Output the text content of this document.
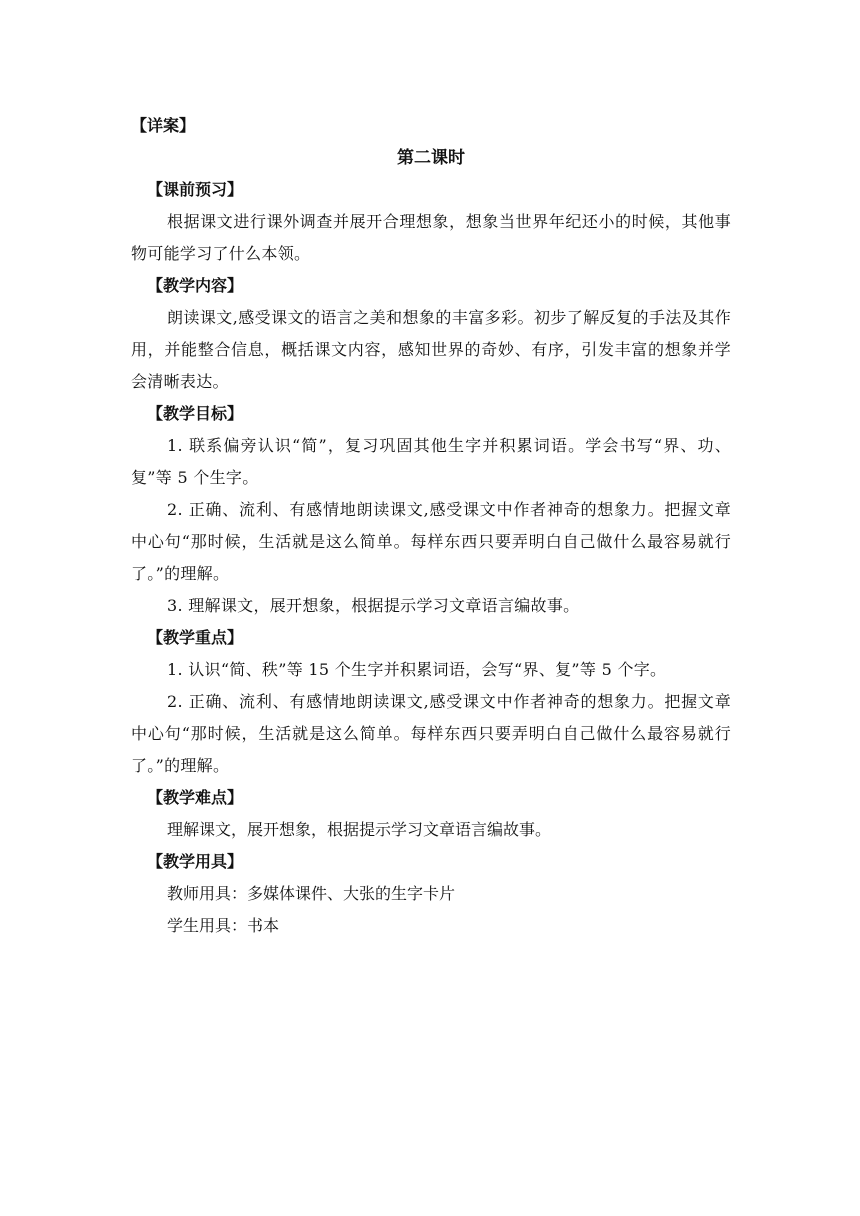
【详案】
第二课时
【课前预习】
根据课文进行课外调查并展开合理想象，想象当世界年纪还小的时候，其他事物可能学习了什么本领。
【教学内容】
朗读课文,感受课文的语言之美和想象的丰富多彩。初步了解反复的手法及其作用，并能整合信息，概括课文内容，感知世界的奇妙、有序，引发丰富的想象并学会清晰表达。
【教学目标】
1. 联系偏旁认识“简”，复习巩固其他生字并积累词语。学会书写“界、功、复”等 5 个生字。
2. 正确、流利、有感情地朗读课文,感受课文中作者神奇的想象力。把握文章中心句“那时候，生活就是这么简单。每样东西只要弄明白自己做什么最容易就行了。”的理解。
3. 理解课文，展开想象，根据提示学习文章语言编故事。
【教学重点】
1. 认识“简、秩”等 15 个生字并积累词语，会写“界、复”等 5 个字。
2. 正确、流利、有感情地朗读课文,感受课文中作者神奇的想象力。把握文章中心句“那时候，生活就是这么简单。每样东西只要弄明白自己做什么最容易就行了。”的理解。
【教学难点】
理解课文，展开想象，根据提示学习文章语言编故事。
【教学用具】
教师用具：多媒体课件、大张的生字卡片
学生用具：书本
